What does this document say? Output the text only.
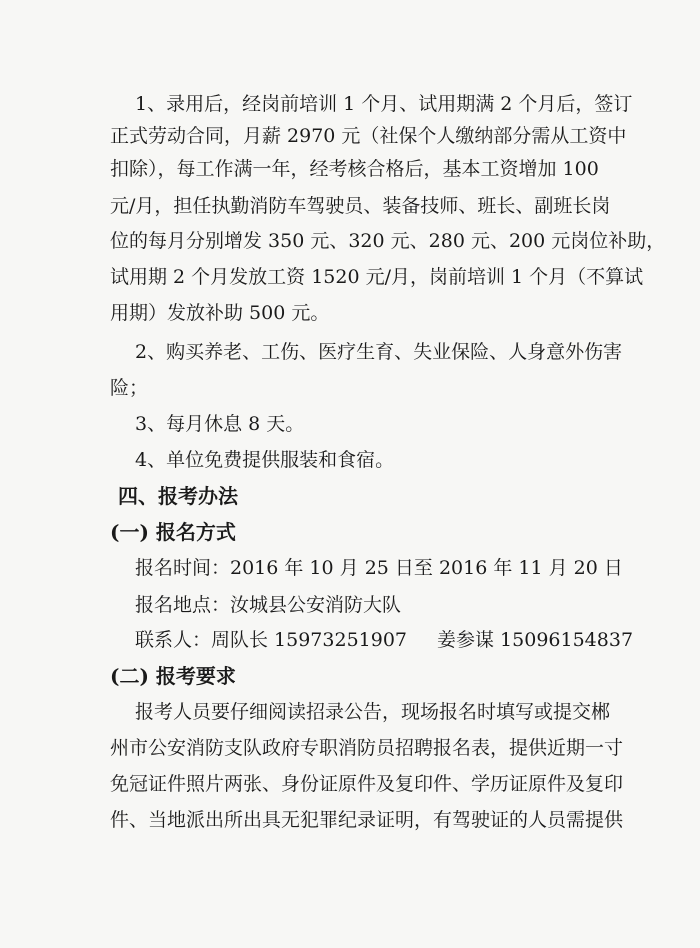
1、录用后，经岗前培训 1 个月、试用期满 2 个月后，签订
正式劳动合同，月薪 2970 元（社保个人缴纳部分需从工资中
扣除），每工作满一年，经考核合格后，基本工资增加 100
元/月，担任执勤消防车驾驶员、装备技师、班长、副班长岗
位的每月分别增发 350 元、320 元、280 元、200 元岗位补助，
试用期 2 个月发放工资 1520 元/月，岗前培训 1 个月（不算试
用期）发放补助 500 元。
2、购买养老、工伤、医疗生育、失业保险、人身意外伤害
险；
3、每月休息 8 天。
4、单位免费提供服装和食宿。
四、报考办法
(一) 报名方式
报名时间：2016 年 10 月 25 日至 2016 年 11 月 20 日
报名地点：汝城县公安消防大队
联系人：周队长 15973251907 姜参谋 15096154837
(二) 报考要求
报考人员要仔细阅读招录公告，现场报名时填写或提交郴
州市公安消防支队政府专职消防员招聘报名表，提供近期一寸
免冠证件照片两张、身份证原件及复印件、学历证原件及复印
件、当地派出所出具无犯罪纪录证明，有驾驶证的人员需提供
